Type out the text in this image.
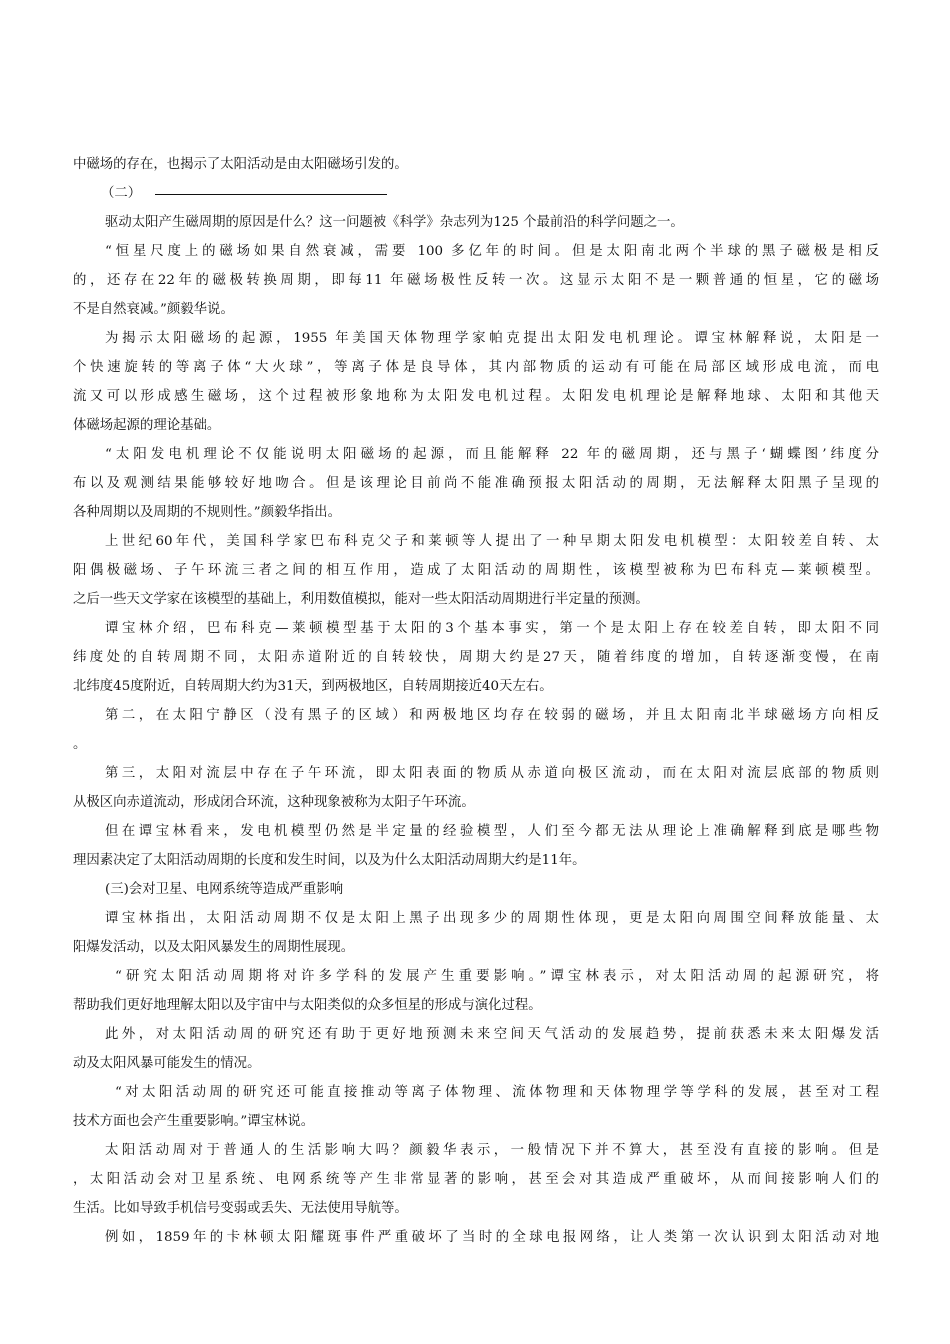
中磁场的存在，也揭示了太阳活动是由太阳磁场引发的。
（二）
驱动太阳产生磁周期的原因是什么？这一问题被《科学》杂志列为125 个最前沿的科学问题之一。
“恒星尺度上的磁场如果自然衰减，需要 100 多亿年的时间。但是太阳南北两个半球的黑子磁极是相反
的，还存在22年的磁极转换周期，即每11 年磁场极性反转一次。这显示太阳不是一颗普通的恒星，它的磁场
不是自然衰减。”颜毅华说。
为揭示太阳磁场的起源，1955 年美国天体物理学家帕克提出太阳发电机理论。谭宝林解释说，太阳是一
个快速旋转的等离子体“大火球”，等离子体是良导体，其内部物质的运动有可能在局部区域形成电流，而电
流又可以形成感生磁场，这个过程被形象地称为太阳发电机过程。太阳发电机理论是解释地球、太阳和其他天
体磁场起源的理论基础。
“太阳发电机理论不仅能说明太阳磁场的起源，而且能解释 22 年的磁周期，还与黑子‘蝴蝶图’纬度分
布以及观测结果能够较好地吻合。但是该理论目前尚不能准确预报太阳活动的周期，无法解释太阳黑子呈现的
各种周期以及周期的不规则性。”颜毅华指出。
上世纪60年代，美国科学家巴布科克父子和莱顿等人提出了一种早期太阳发电机模型：太阳较差自转、太
阳偶极磁场、子午环流三者之间的相互作用，造成了太阳活动的周期性，该模型被称为巴布科克—莱顿模型。
之后一些天文学家在该模型的基础上，利用数值模拟，能对一些太阳活动周期进行半定量的预测。
谭宝林介绍，巴布科克—莱顿模型基于太阳的3个基本事实，第一个是太阳上存在较差自转，即太阳不同
纬度处的自转周期不同，太阳赤道附近的自转较快，周期大约是27天，随着纬度的增加，自转逐渐变慢，在南
北纬度45度附近，自转周期大约为31天，到两极地区，自转周期接近40天左右。
第二，在太阳宁静区（没有黑子的区域）和两极地区均存在较弱的磁场，并且太阳南北半球磁场方向相反
。
第三，太阳对流层中存在子午环流，即太阳表面的物质从赤道向极区流动，而在太阳对流层底部的物质则
从极区向赤道流动，形成闭合环流，这种现象被称为太阳子午环流。
但在谭宝林看来，发电机模型仍然是半定量的经验模型，人们至今都无法从理论上准确解释到底是哪些物
理因素决定了太阳活动周期的长度和发生时间，以及为什么太阳活动周期大约是11年。
(三)会对卫星、电网系统等造成严重影响
谭宝林指出，太阳活动周期不仅是太阳上黑子出现多少的周期性体现，更是太阳向周围空间释放能量、太
阳爆发活动，以及太阳风暴发生的周期性展现。
“研究太阳活动周期将对许多学科的发展产生重要影响。”谭宝林表示，对太阳活动周的起源研究，将
帮助我们更好地理解太阳以及宇宙中与太阳类似的众多恒星的形成与演化过程。
此外，对太阳活动周的研究还有助于更好地预测未来空间天气活动的发展趋势，提前获悉未来太阳爆发活
动及太阳风暴可能发生的情况。
“对太阳活动周的研究还可能直接推动等离子体物理、流体物理和天体物理学等学科的发展，甚至对工程
技术方面也会产生重要影响。”谭宝林说。
太阳活动周对于普通人的生活影响大吗？颜毅华表示，一般情况下并不算大，甚至没有直接的影响。但是
，太阳活动会对卫星系统、电网系统等产生非常显著的影响，甚至会对其造成严重破坏，从而间接影响人们的
生活。比如导致手机信号变弱或丢失、无法使用导航等。
例如，1859年的卡林顿太阳耀斑事件严重破坏了当时的全球电报网络，让人类第一次认识到太阳活动对地
